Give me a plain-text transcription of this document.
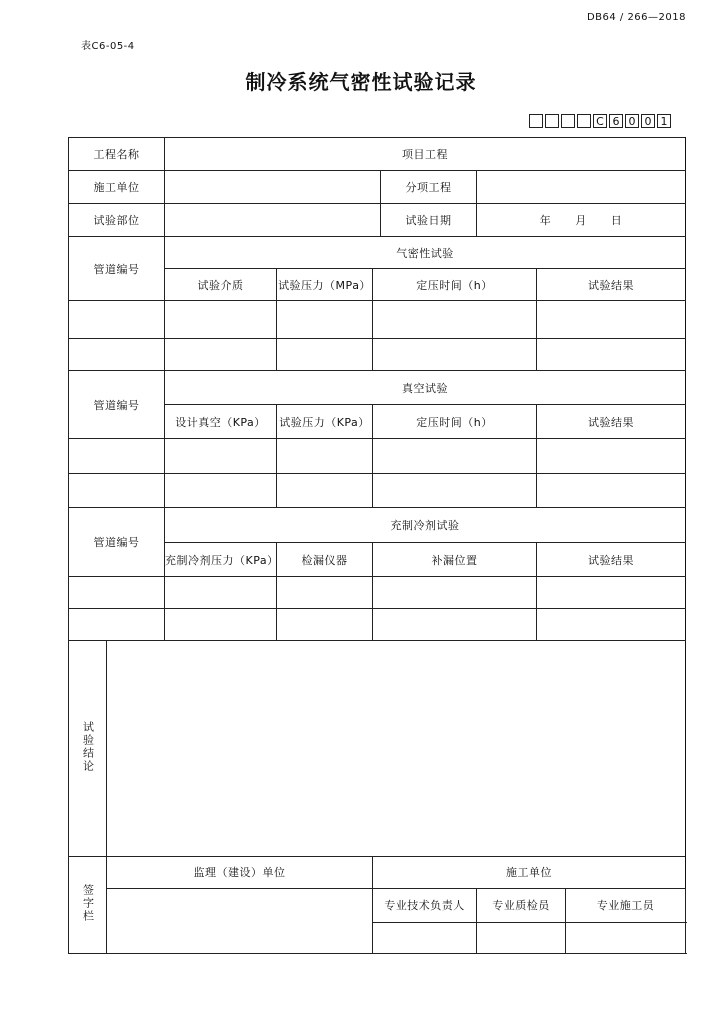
DB64 / 266—2018
表C6-05-4
制冷系统气密性试验记录
C 6 0 0 1
工程名称		项目工程						
施工单位					分项工程			
试验部位					试验日期	年 月 日		
管道编号		气密性试验						
		试验介质	试验压力（MPa）	定压时间（h）			试验结果	

管道编号		真空试验						
		设计真空（KPa）	试验压力（KPa）	定压时间（h）			试验结果	

管道编号		充制冷剂试验						
		充制冷剂压力（KPa）	检漏仪器	补漏位置			试验结果	

试验结论								
签字栏	监理（建设）单位			施工单位				
				专业技术负责人		专业质检员		专业施工员
